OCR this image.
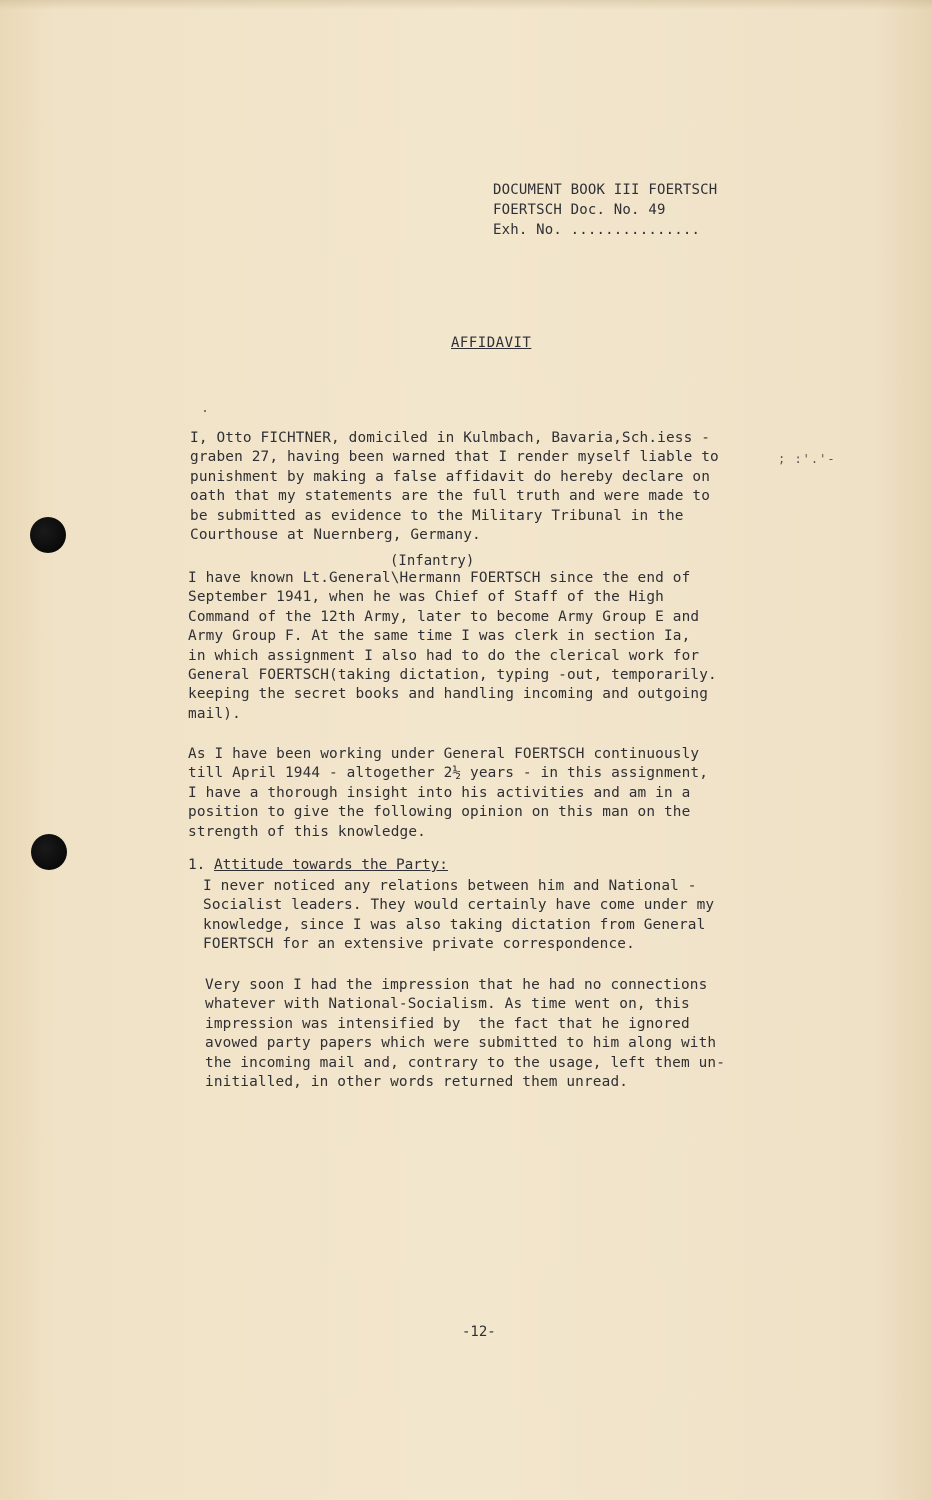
DOCUMENT BOOK III FOERTSCH
FOERTSCH Doc. No. 49
Exh. No. ...............
AFFIDAVIT
I, Otto FICHTNER, domiciled in Kulmbach, Bavaria,Sch.iess -
graben 27, having been warned that I render myself liable to
punishment by making a false affidavit do hereby declare on
oath that my statements are the full truth and were made to
be submitted as evidence to the Military Tribunal in the
Courthouse at Nuernberg, Germany.
; :'.'-
(Infantry)
I have known Lt.General\Hermann FOERTSCH since the end of
September 1941, when he was Chief of Staff of the High
Command of the 12th Army, later to become Army Group E and
Army Group F. At the same time I was clerk in section Ia,
in which assignment I also had to do the clerical work for
General FOERTSCH(taking dictation, typing -out, temporarily.
keeping the secret books and handling incoming and outgoing
mail).
As I have been working under General FOERTSCH continuously
till April 1944 - altogether 2½ years - in this assignment,
I have a thorough insight into his activities and am in a
position to give the following opinion on this man on the
strength of this knowledge.
1. Attitude towards the Party:
I never noticed any relations between him and National -
Socialist leaders. They would certainly have come under my
knowledge, since I was also taking dictation from General
FOERTSCH for an extensive private correspondence.
Very soon I had the impression that he had no connections
whatever with National-Socialism. As time went on, this
impression was intensified by  the fact that he ignored
avowed party papers which were submitted to him along with
the incoming mail and, contrary to the usage, left them un-
initialled, in other words returned them unread.
-12-
